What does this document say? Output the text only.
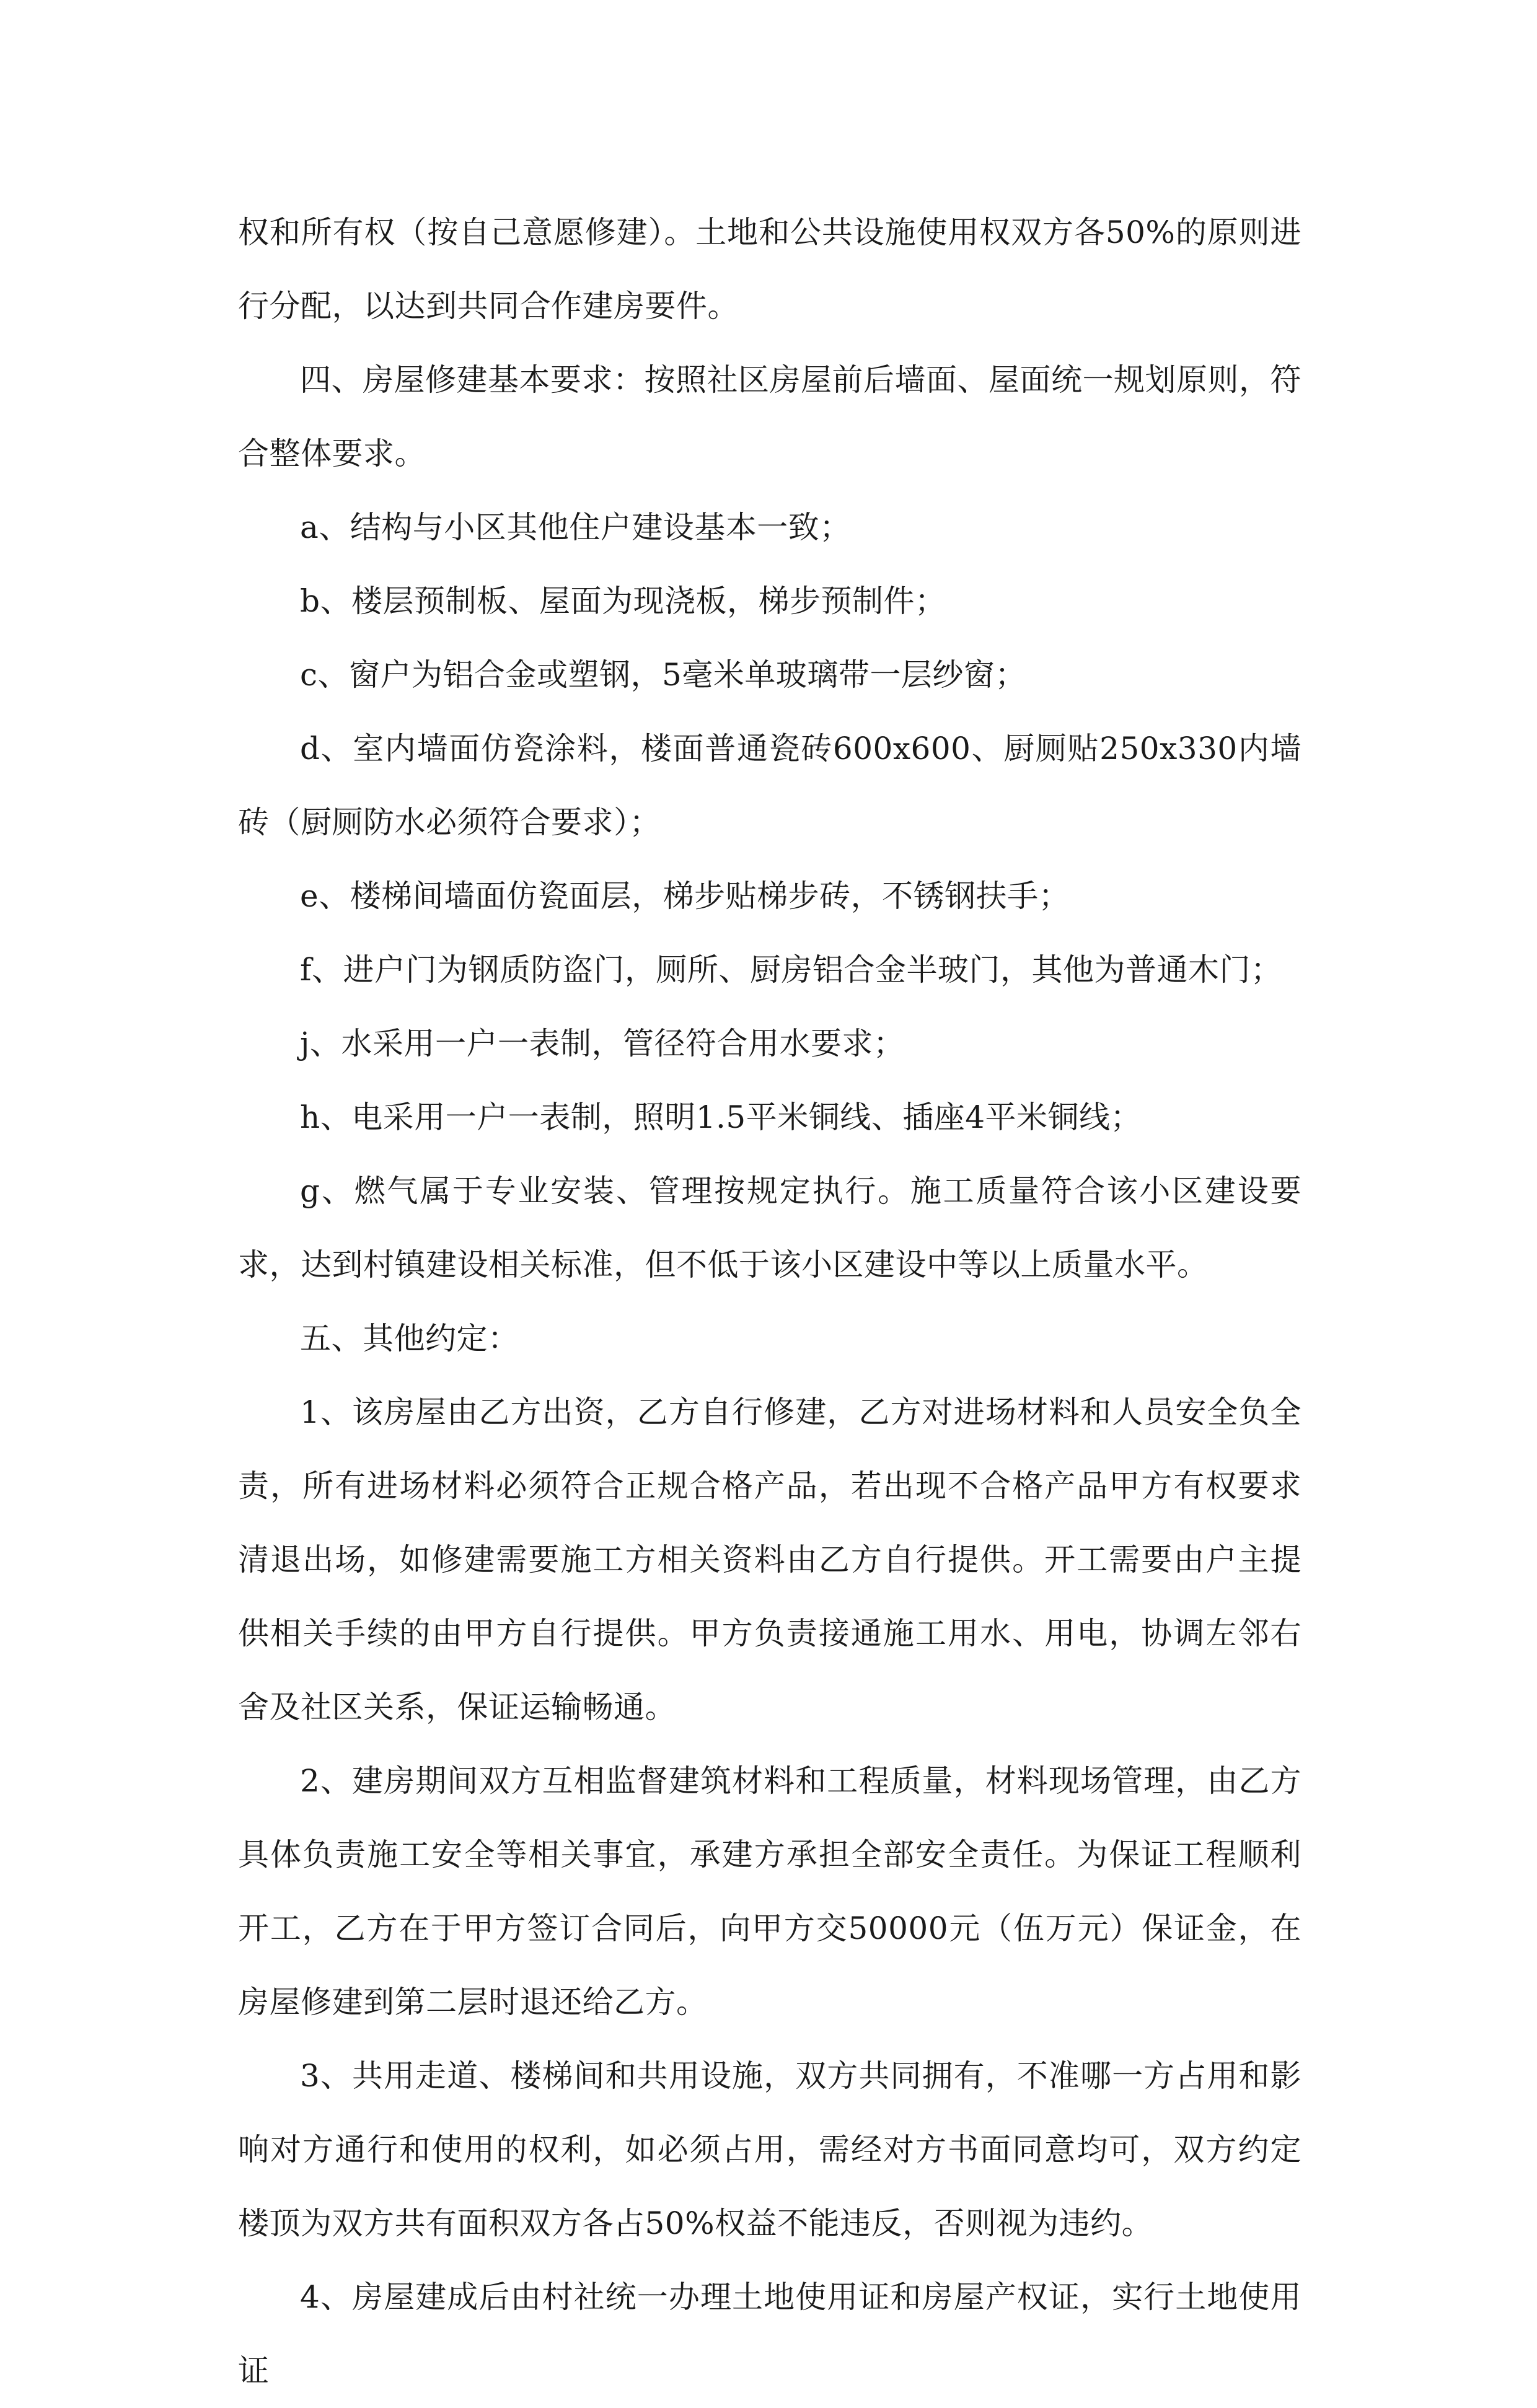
权和所有权（按自己意愿修建）。土地和公共设施使用权双方各50%的原则进行分配，以达到共同合作建房要件。

四、房屋修建基本要求：按照社区房屋前后墙面、屋面统一规划原则，符合整体要求。

a、结构与小区其他住户建设基本一致；

b、楼层预制板、屋面为现浇板，梯步预制件；

c、窗户为铝合金或塑钢，5毫米单玻璃带一层纱窗；

d、室内墙面仿瓷涂料，楼面普通瓷砖600x600、厨厕贴250x330内墙砖（厨厕防水必须符合要求）；

e、楼梯间墙面仿瓷面层，梯步贴梯步砖，不锈钢扶手；

f、进户门为钢质防盗门，厕所、厨房铝合金半玻门，其他为普通木门；

j、水采用一户一表制，管径符合用水要求；

h、电采用一户一表制，照明1.5平米铜线、插座4平米铜线；

g、燃气属于专业安装、管理按规定执行。施工质量符合该小区建设要求，达到村镇建设相关标准，但不低于该小区建设中等以上质量水平。

五、其他约定：

1、该房屋由乙方出资，乙方自行修建，乙方对进场材料和人员安全负全责，所有进场材料必须符合正规合格产品，若出现不合格产品甲方有权要求清退出场，如修建需要施工方相关资料由乙方自行提供。开工需要由户主提供相关手续的由甲方自行提供。甲方负责接通施工用水、用电，协调左邻右舍及社区关系，保证运输畅通。

2、建房期间双方互相监督建筑材料和工程质量，材料现场管理，由乙方具体负责施工安全等相关事宜，承建方承担全部安全责任。为保证工程顺利开工，乙方在于甲方签订合同后，向甲方交50000元（伍万元）保证金，在房屋修建到第二层时退还给乙方。

3、共用走道、楼梯间和共用设施，双方共同拥有，不准哪一方占用和影响对方通行和使用的权利，如必须占用，需经对方书面同意均可，双方约定楼顶为双方共有面积双方各占50%权益不能违反，否则视为违约。

4、房屋建成后由村社统一办理土地使用证和房屋产权证，实行土地使用证
